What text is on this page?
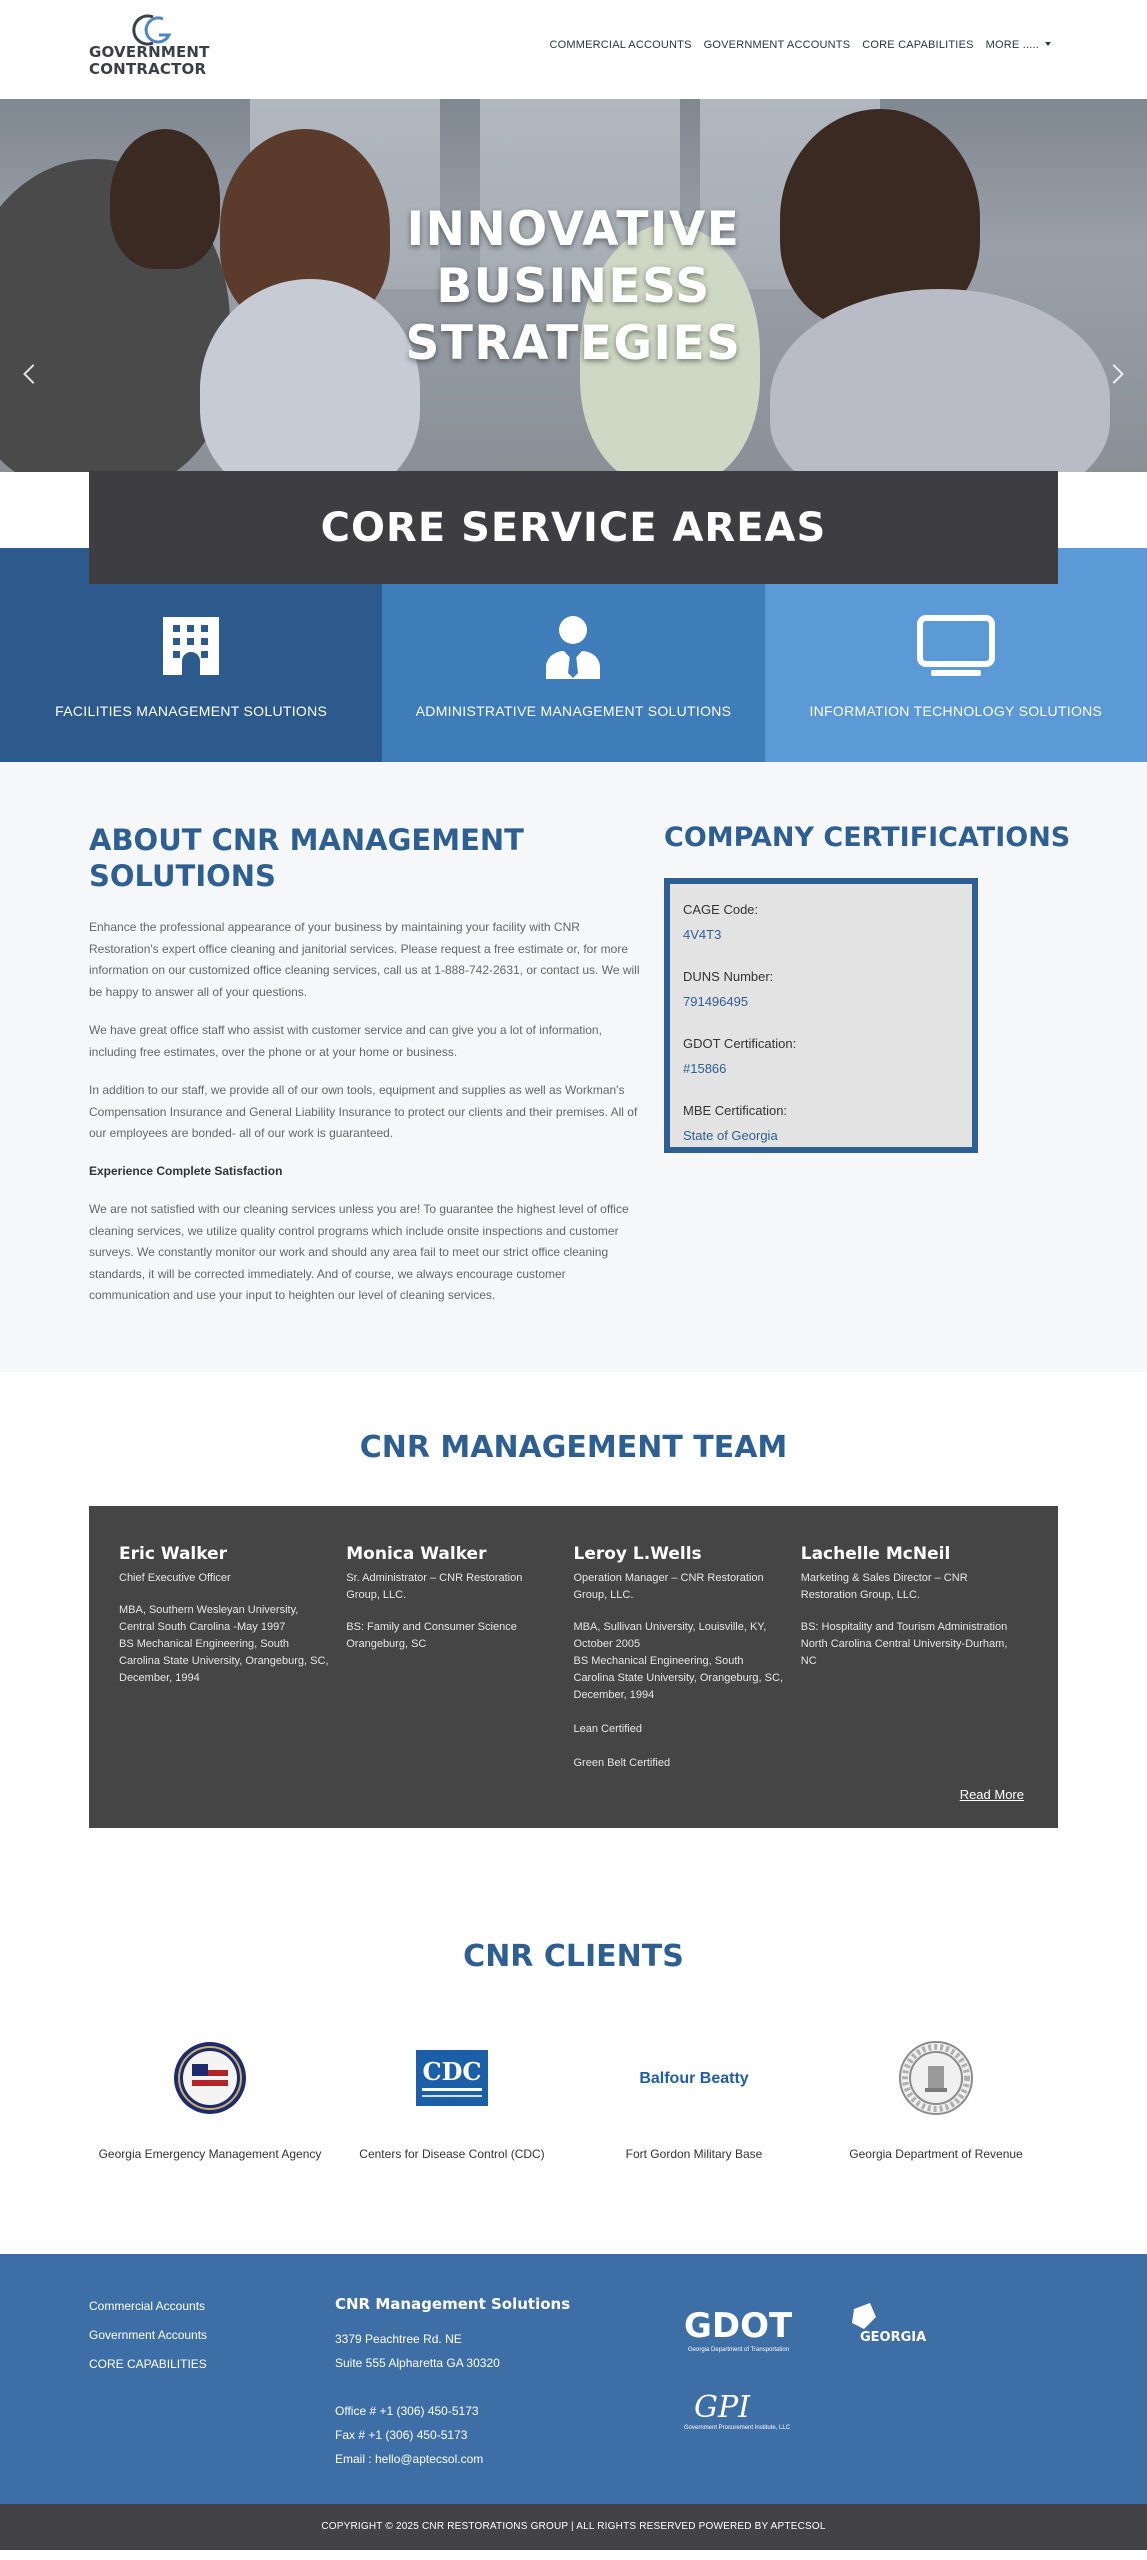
GOVERNMENT
CONTRACTOR
COMMERCIAL ACCOUNTS GOVERNMENT ACCOUNTS CORE CAPABILITIES MORE .....
INNOVATIVE
BUSINESS
STRATEGIES
CORE SERVICE AREAS
FACILITIES MANAGEMENT SOLUTIONS	ADMINISTRATIVE MANAGEMENT SOLUTIONS	INFORMATION TECHNOLOGY SOLUTIONS
ABOUT CNR MANAGEMENT SOLUTIONS

Enhance the professional appearance of your business by maintaining your facility with CNR Restoration's expert office cleaning and janitorial services. Please request a free estimate or, for more information on our customized office cleaning services, call us at 1-888-742-2631, or contact us. We will be happy to answer all of your questions.

We have great office staff who assist with customer service and can give you a lot of information, including free estimates, over the phone or at your home or business.

In addition to our staff, we provide all of our own tools, equipment and supplies as well as Workman's Compensation Insurance and General Liability Insurance to protect our clients and their premises. All of our employees are bonded- all of our work is guaranteed.

Experience Complete Satisfaction

We are not satisfied with our cleaning services unless you are! To guarantee the highest level of office cleaning services, we utilize quality control programs which include onsite inspections and customer surveys. We constantly monitor our work and should any area fail to meet our strict office cleaning standards, it will be corrected immediately. And of course, we always encourage customer communication and use your input to heighten our level of cleaning services.

COMPANY CERTIFICATIONS
CAGE Code:
4V4T3
DUNS Number:
791496495
GDOT Certification:
#15866
MBE Certification:
State of Georgia
CNR MANAGEMENT TEAM
Eric Walker
Chief Executive Officer
MBA, Southern Wesleyan University, Central South Carolina -May 1997
BS Mechanical Engineering, South Carolina State University, Orangeburg, SC, December, 1994
Monica Walker
Sr. Administrator – CNR Restoration Group, LLC.
BS: Family and Consumer Science Orangeburg, SC
Leroy L.Wells
Operation Manager – CNR Restoration Group, LLC.
MBA, Sullivan University, Louisville, KY, October 2005
BS Mechanical Engineering, South Carolina State University, Orangeburg, SC, December, 1994

Lean Certified

Green Belt Certified
Lachelle McNeil
Marketing & Sales Director – CNR Restoration Group, LLC.
BS: Hospitality and Tourism Administration North Carolina Central University-Durham, NC
Read More
CNR CLIENTS
Georgia Emergency Management Agency
CDC
Centers for Disease Control (CDC)
Balfour Beatty
Fort Gordon Military Base	Georgia Department of Revenue
Commercial Accounts
Government Accounts
CORE CAPABILITIES
CNR Management Solutions
3379 Peachtree Rd. NE
Suite 555 Alpharetta GA 30320
Office # +1 (306) 450-5173
Fax # +1 (306) 450-5173
Email : hello@aptecsol.com
GDOT
Georgia Department of Transportation
GEORGIA
GPI
Government Procurement Institute, LLC
COPYRIGHT © 2025 CNR RESTORATIONS GROUP | ALL RIGHTS RESERVED POWERED BY APTECSOL
